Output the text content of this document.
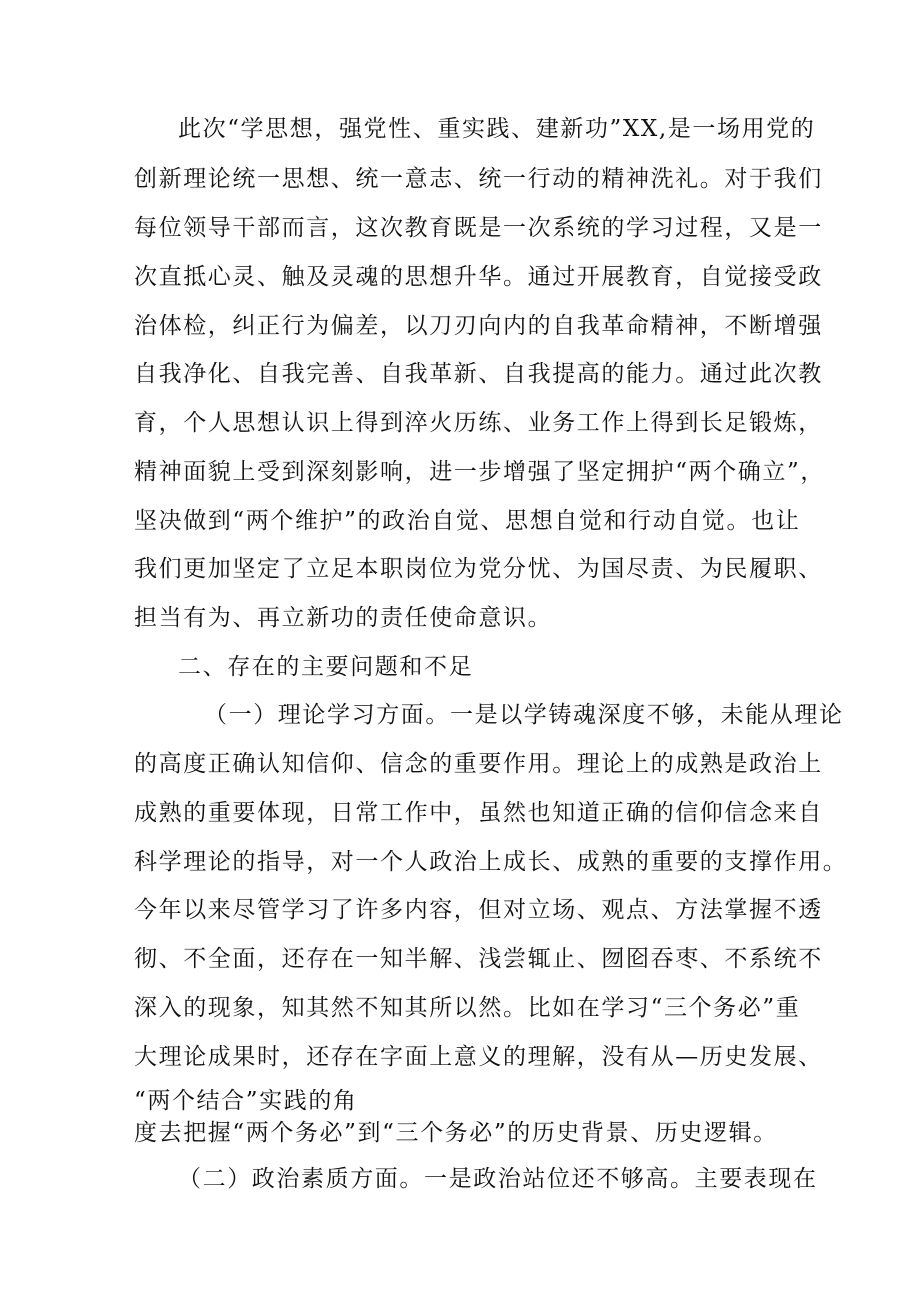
此次“学思想，强党性、重实践、建新功”XX,是一场用党的
创新理论统一思想、统一意志、统一行动的精神洗礼。对于我们
每位领导干部而言，这次教育既是一次系统的学习过程，又是一
次直抵心灵、触及灵魂的思想升华。通过开展教育，自觉接受政
治体检，纠正行为偏差，以刀刃向内的自我革命精神，不断增强
自我净化、自我完善、自我革新、自我提高的能力。通过此次教
育，个人思想认识上得到淬火历练、业务工作上得到长足锻炼，
精神面貌上受到深刻影响，进一步增强了坚定拥护“两个确立”，
坚决做到“两个维护”的政治自觉、思想自觉和行动自觉。也让
我们更加坚定了立足本职岗位为党分忧、为国尽责、为民履职、
担当有为、再立新功的责任使命意识。
二、存在的主要问题和不足
（一）理论学习方面。一是以学铸魂深度不够，未能从理论
的高度正确认知信仰、信念的重要作用。理论上的成熟是政治上
成熟的重要体现，日常工作中，虽然也知道正确的信仰信念来自
科学理论的指导，对一个人政治上成长、成熟的重要的支撑作用。
今年以来尽管学习了许多内容，但对立场、观点、方法掌握不透
彻、不全面，还存在一知半解、浅尝辄止、囫囵吞枣、不系统不
深入的现象，知其然不知其所以然。比如在学习“三个务必”重
大理论成果时，还存在字面上意义的理解，没有从—历史发展、
“两个结合”实践的角
度去把握“两个务必”到“三个务必”的历史背景、历史逻辑。
（二）政治素质方面。一是政治站位还不够高。主要表现在
